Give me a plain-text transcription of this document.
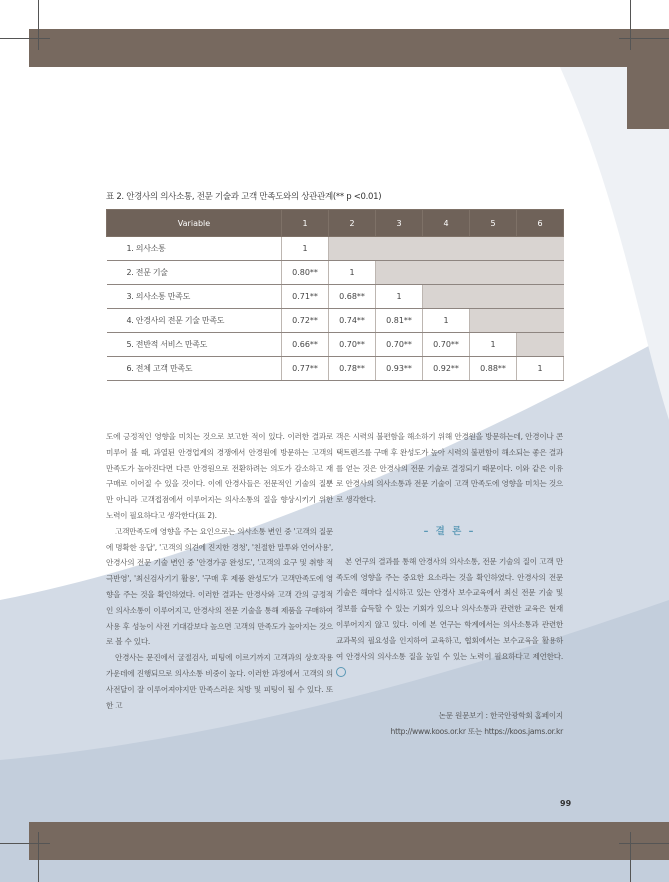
표 2. 안경사의 의사소통, 전문 기술과 고객 만족도와의 상관관계(** p <0.01)
Variable	1	2	3	4	5	6
1. 의사소통	1					
2. 전문 기술	0.80**	1				
3. 의사소통 만족도	0.71**	0.68**	1			
4. 안경사의 전문 기술 만족도	0.72**	0.74**	0.81**	1		
5. 전반적 서비스 만족도	0.66**	0.70**	0.70**	0.70**	1	
6. 전체 고객 만족도	0.77**	0.78**	0.93**	0.92**	0.88**	1

도에 긍정적인 영향을 미치는 것으로 보고한 적이 있다. 이러한 결과로 미루어 볼 때, 과열된 안경업계의 경쟁에서 안경원에 방문하는 고객의 만족도가 높아진다면 다른 안경원으로 전환하려는 의도가 감소하고 재구매로 이어질 수 있을 것이다. 이에 안경사들은 전문적인 기술의 질뿐만 아니라 고객접점에서 이루어지는 의사소통의 질을 향상시키기 위한 노력이 필요하다고 생각한다(표 2).

고객만족도에 영향을 주는 요인으로는 의사소통 변인 중 '고객의 질문에 명확한 응답', '고객의 의견에 진지한 경청', '친절한 말투와 언어사용', 안경사의 전문 기술 변인 중 '안경가공 완성도', '고객의 요구 및 취향 적극반영', '최신검사기기 활용', '구매 후 제품 완성도'가 고객만족도에 영향을 주는 것을 확인하였다. 이러한 결과는 안경사와 고객 간의 긍정적인 의사소통이 이루어지고, 안경사의 전문 기술을 통해 제품을 구매하여 사용 후 성능이 사전 기대감보다 높으면 고객의 만족도가 높아지는 것으로 볼 수 있다.

안경사는 문진에서 굴절검사, 피팅에 이르기까지 고객과의 상호작용 가운데에 진행되므로 의사소통 비중이 높다. 이러한 과정에서 고객의 의사전달이 잘 이루어져야지만 만족스러운 처방 및 피팅이 될 수 있다. 또한 고

객은 시력의 불편함을 해소하기 위해 안경원을 방문하는데, 안경이나 콘택트렌즈를 구매 후 완성도가 높아 시력의 불편함이 해소되는 좋은 결과를 얻는 것은 안경사의 전문 기술로 결정되기 때문이다. 이와 같은 이유로 안경사의 의사소통과 전문 기술이 고객 만족도에 영향을 미치는 것으로 생각한다.

– 결 론 –

본 연구의 결과를 통해 안경사의 의사소통, 전문 기술의 질이 고객 만족도에 영향을 주는 중요한 요소라는 것을 확인하였다. 안경사의 전문 기술은 해마다 실시하고 있는 안경사 보수교육에서 최신 전문 기술 및 정보를 습득할 수 있는 기회가 있으나 의사소통과 관련한 교육은 현재 이루어지지 않고 있다. 이에 본 연구는 학계에서는 의사소통과 관련한 교과목의 필요성을 인지하여 교육하고, 협회에서는 보수교육을 활용하여 안경사의 의사소통 질을 높일 수 있는 노력이 필요하다고 제언한다.

논문 원문보기 : 한국안광학회 홈페이지
http://www.koos.or.kr 또는 https://koos.jams.or.kr
99
